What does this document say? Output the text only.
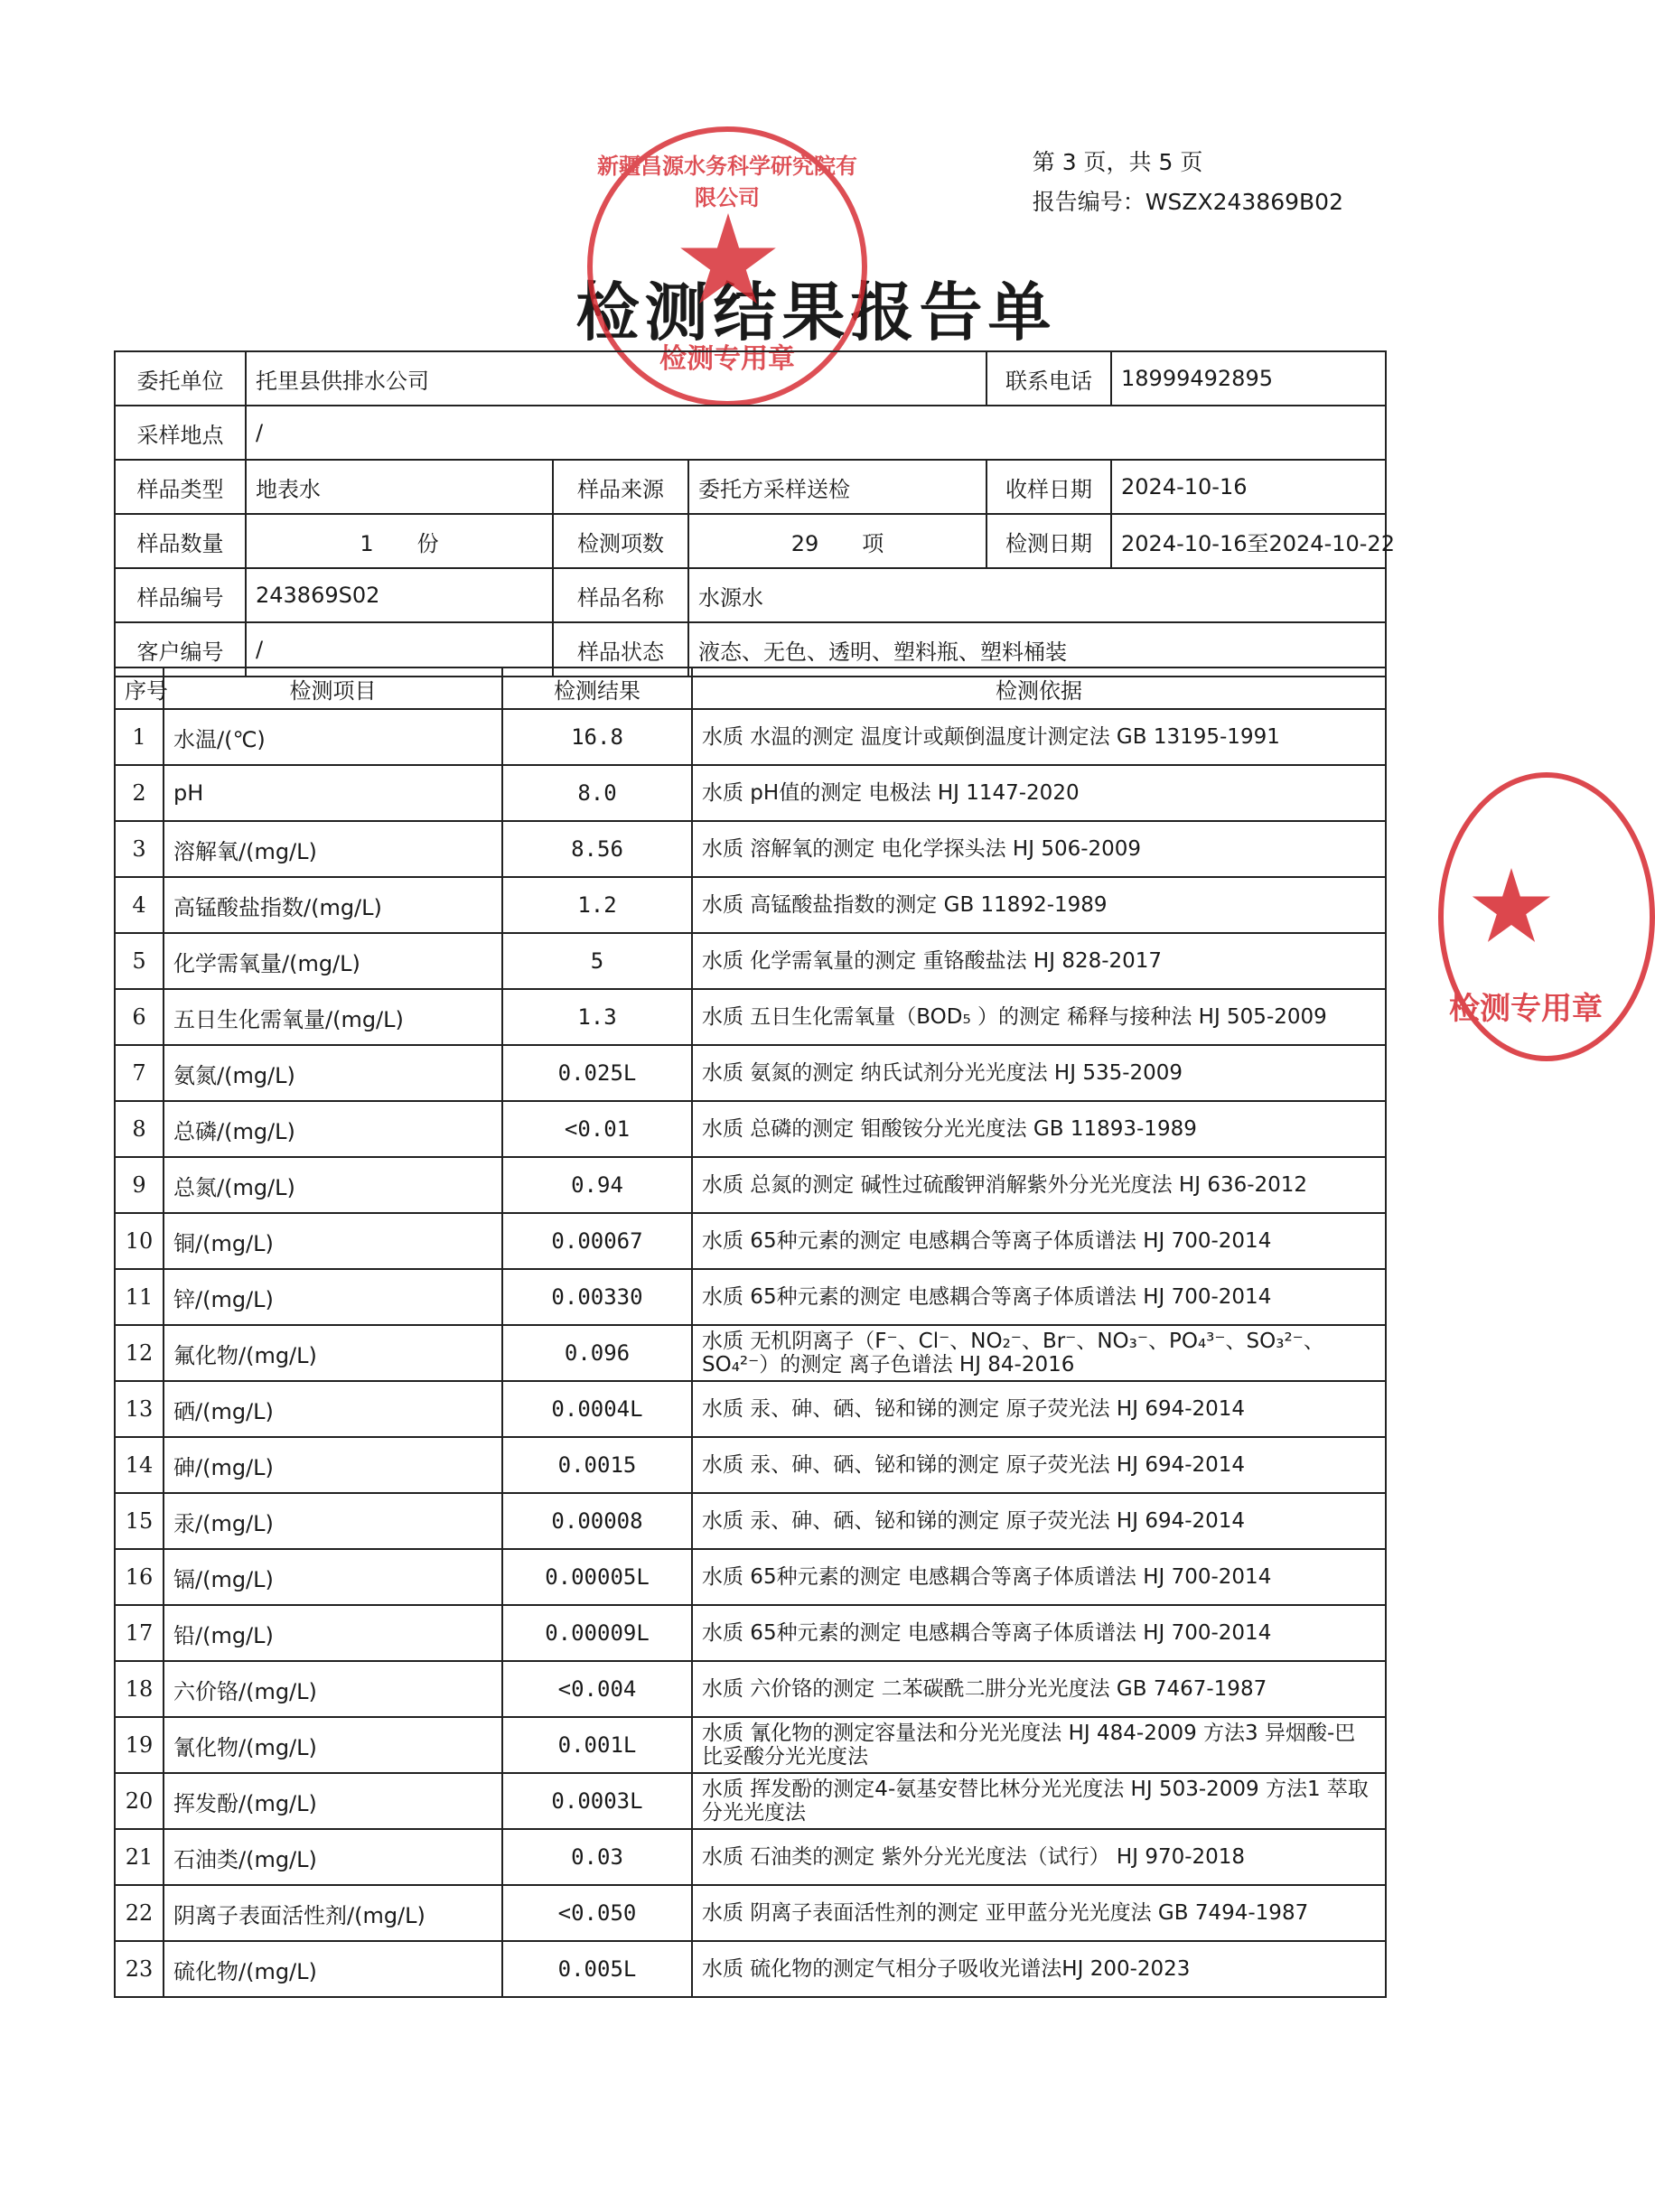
第 3 页，共 5 页
报告编号：WSZX243869B02
检测结果报告单
新疆昌源水务科学研究院有限公司
检测专用章
委托单位	托里县供排水公司			联系电话	18999492895
采样地点	/				
样品类型	地表水	样品来源	委托方采样送检	收样日期	2024-10-16
样品数量	1　　份	检测项数	29　　项	检测日期	2024-10-16至2024-10-22
样品编号	243869S02	样品名称	水源水		
客户编号	/	样品状态	液态、无色、透明、塑料瓶、塑料桶装		
序号	检测项目	检测结果	检测依据
1	水温/(℃)	16.8	水质 水温的测定 温度计或颠倒温度计测定法 GB 13195-1991
2	pH	8.0	水质 pH值的测定 电极法 HJ 1147-2020
3	溶解氧/(mg/L)	8.56	水质 溶解氧的测定 电化学探头法 HJ 506-2009
4	高锰酸盐指数/(mg/L)	1.2	水质 高锰酸盐指数的测定 GB 11892-1989
5	化学需氧量/(mg/L)	5	水质 化学需氧量的测定 重铬酸盐法 HJ 828-2017
6	五日生化需氧量/(mg/L)	1.3	水质 五日生化需氧量（BOD₅ ）的测定 稀释与接种法 HJ 505-2009
7	氨氮/(mg/L)	0.025L	水质 氨氮的测定 纳氏试剂分光光度法 HJ 535-2009
8	总磷/(mg/L)	<0.01	水质 总磷的测定 钼酸铵分光光度法 GB 11893-1989
9	总氮/(mg/L)	0.94	水质 总氮的测定 碱性过硫酸钾消解紫外分光光度法 HJ 636-2012
10	铜/(mg/L)	0.00067	水质 65种元素的测定 电感耦合等离子体质谱法 HJ 700-2014
11	锌/(mg/L)	0.00330	水质 65种元素的测定 电感耦合等离子体质谱法 HJ 700-2014
12	氟化物/(mg/L)	0.096	水质 无机阴离子（F⁻、Cl⁻、NO₂⁻、Br⁻、NO₃⁻、PO₄³⁻、SO₃²⁻、SO₄²⁻）的测定 离子色谱法 HJ 84-2016
13	硒/(mg/L)	0.0004L	水质 汞、砷、硒、铋和锑的测定 原子荧光法 HJ 694-2014
14	砷/(mg/L)	0.0015	水质 汞、砷、硒、铋和锑的测定 原子荧光法 HJ 694-2014
15	汞/(mg/L)	0.00008	水质 汞、砷、硒、铋和锑的测定 原子荧光法 HJ 694-2014
16	镉/(mg/L)	0.00005L	水质 65种元素的测定 电感耦合等离子体质谱法 HJ 700-2014
17	铅/(mg/L)	0.00009L	水质 65种元素的测定 电感耦合等离子体质谱法 HJ 700-2014
18	六价铬/(mg/L)	<0.004	水质 六价铬的测定 二苯碳酰二肼分光光度法 GB 7467-1987
19	氰化物/(mg/L)	0.001L	水质 氰化物的测定容量法和分光光度法 HJ 484-2009 方法3 异烟酸-巴比妥酸分光光度法
20	挥发酚/(mg/L)	0.0003L	水质 挥发酚的测定4-氨基安替比林分光光度法 HJ 503-2009 方法1 萃取分光光度法
21	石油类/(mg/L)	0.03	水质 石油类的测定 紫外分光光度法（试行） HJ 970-2018
22	阴离子表面活性剂/(mg/L)	<0.050	水质 阴离子表面活性剂的测定 亚甲蓝分光光度法 GB 7494-1987
23	硫化物/(mg/L)	0.005L	水质 硫化物的测定气相分子吸收光谱法HJ 200-2023
检测专用章
